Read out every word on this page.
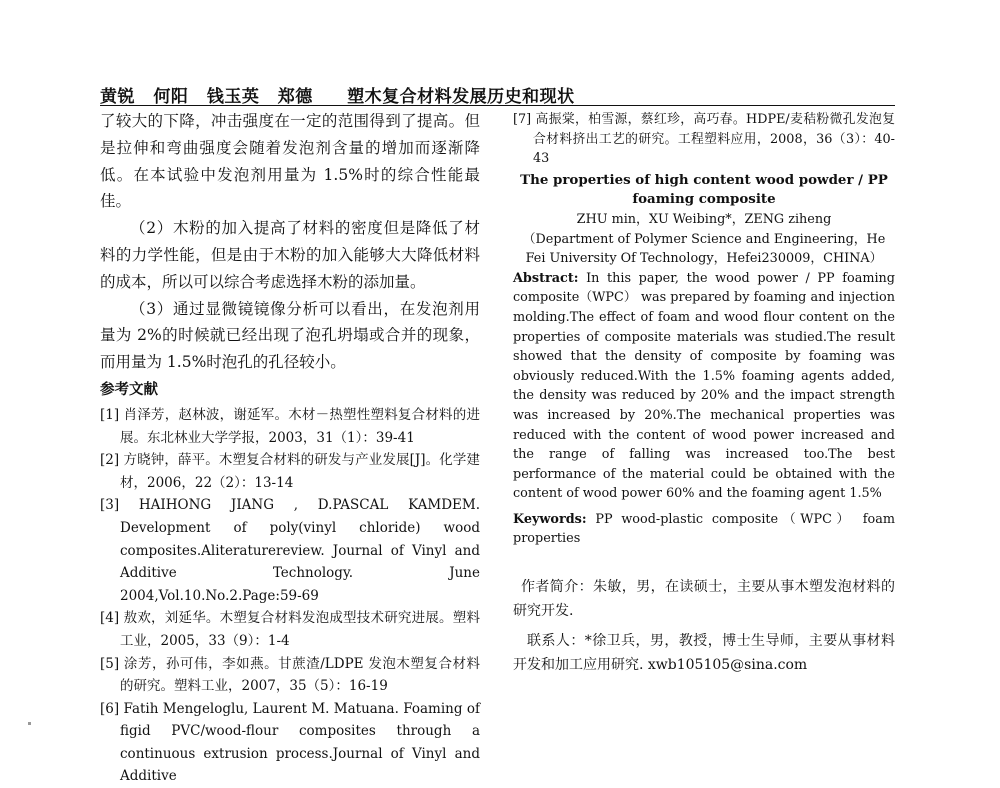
黄锐 何阳 钱玉英 郑德 塑木复合材料发展历史和现状

了较大的下降，冲击强度在一定的范围得到了提高。但是拉伸和弯曲强度会随着发泡剂含量的增加而逐渐降低。在本试验中发泡剂用量为 1.5%时的综合性能最佳。

（2）木粉的加入提高了材料的密度但是降低了材料的力学性能，但是由于木粉的加入能够大大降低材料的成本，所以可以综合考虑选择木粉的添加量。

（3）通过显微镜镜像分析可以看出，在发泡剂用量为 2%的时候就已经出现了泡孔坍塌或合并的现象，而用量为 1.5%时泡孔的孔径较小。

参考文献

[1] 肖泽芳，赵林波，谢延军。木材－热塑性塑料复合材料的进展。东北林业大学学报，2003，31（1）：39-41

[2] 方晓钟，薛平。木塑复合材料的研发与产业发展[J]。化学建材，2006，22（2）：13-14

[3] HAIHONG JIANG , D.PASCAL KAMDEM. Development of poly(vinyl chloride) wood composites.Aliteraturereview. Journal of Vinyl and Additive Technology. June 2004,Vol.10.No.2.Page:59-69

[4] 敖欢，刘延华。木塑复合材料发泡成型技术研究进展。塑料工业，2005，33（9）：1-4

[5] 涂芳，孙可伟，李如燕。甘蔗渣/LDPE 发泡木塑复合材料的研究。塑料工业，2007，35（5）：16-19

[6] Fatih Mengeloglu, Laurent M. Matuana. Foaming of figid PVC/wood-flour composites through a continuous extrusion process.Journal of Vinyl and Additive

[7] 高振棠，柏雪源，蔡红珍，高巧春。HDPE/麦秸粉微孔发泡复合材料挤出工艺的研究。工程塑料应用，2008，36（3）：40-43

The properties of high content wood powder / PP foaming composite

ZHU min，XU Weibing*，ZENG ziheng

（Department of Polymer Science and Engineering，He Fei University Of Technology，Hefei230009，CHINA）

Abstract: In this paper, the wood power / PP foaming composite（WPC） was prepared by foaming and injection molding.The effect of foam and wood flour content on the properties of composite materials was studied.The result showed that the density of composite by foaming was obviously reduced.With the 1.5% foaming agents added, the density was reduced by 20% and the impact strength was increased by 20%.The mechanical properties was reduced with the content of wood power increased and the range of falling was increased too.The best performance of the material could be obtained with the content of wood power 60% and the foaming agent 1.5%

Keywords: PP wood-plastic composite（WPC） foam properties

作者简介：朱敏，男，在读硕士，主要从事木塑发泡材料的研究开发.

联系人：*徐卫兵，男，教授，博士生导师，主要从事材料开发和加工应用研究. xwb105105@sina.com
